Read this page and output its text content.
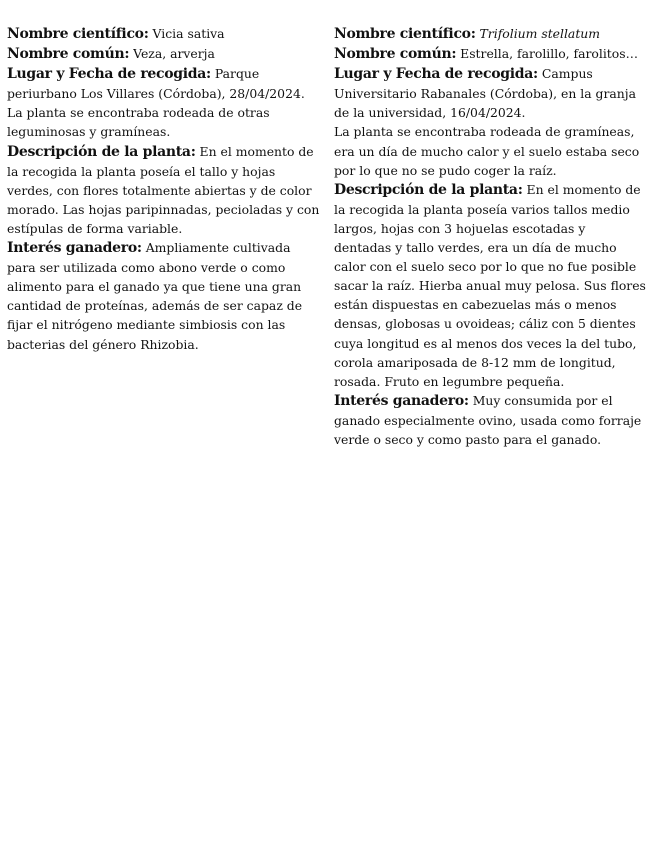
Nombre científico: Vicia sativa

Nombre común: Veza, arverja

Lugar y Fecha de recogida: Parque periurbano Los Villares (Córdoba), 28/04/2024.

La planta se encontraba rodeada de otras leguminosas y gramíneas.

Descripción de la planta: En el momento de la recogida la planta poseía el tallo y hojas verdes, con flores totalmente abiertas y de color morado. Las hojas paripinnadas, pecioladas y con estípulas de forma variable.

Interés ganadero: Ampliamente cultivada para ser utilizada como abono verde o como alimento para el ganado ya que tiene una gran cantidad de proteínas, además de ser capaz de fijar el nitrógeno mediante simbiosis con las bacterias del género Rhizobia.

Nombre científico: Trifolium stellatum

Nombre común: Estrella, farolillo, farolitos…

Lugar y Fecha de recogida: Campus Universitario Rabanales (Córdoba), en la granja de la universidad, 16/04/2024.

La planta se encontraba rodeada de gramíneas, era un día de mucho calor y el suelo estaba seco por lo que no se pudo coger la raíz.

Descripción de la planta: En el momento de la recogida la planta poseía varios tallos medio largos, hojas con 3 hojuelas escotadas y dentadas y tallo verdes, era un día de mucho calor con el suelo seco por lo que no fue posible sacar la raíz. Hierba anual muy pelosa. Sus flores están dispuestas en cabezuelas más o menos densas, globosas u ovoideas; cáliz con 5 dientes cuya longitud es al menos dos veces la del tubo, corola amariposada de 8-12 mm de longitud, rosada. Fruto en legumbre pequeña.

Interés ganadero: Muy consumida por el ganado especialmente ovino, usada como forraje verde o seco y como pasto para el ganado.
